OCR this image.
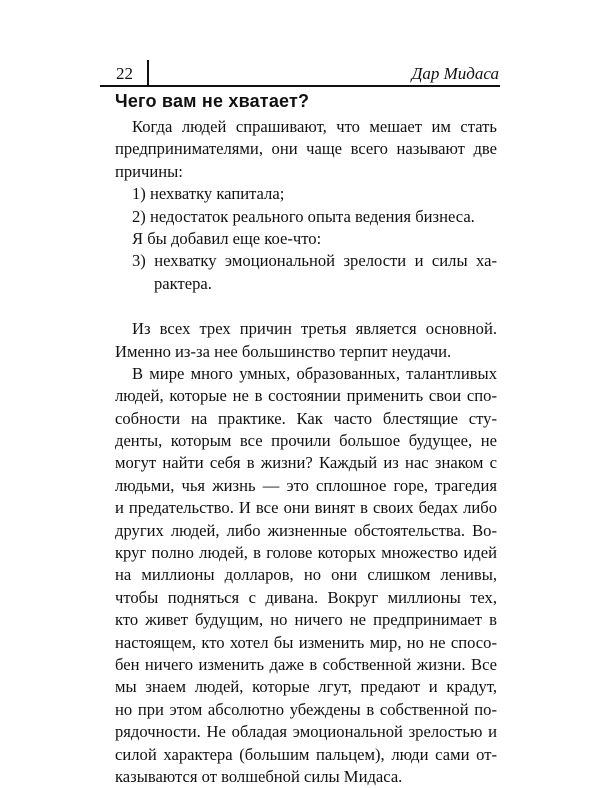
22	Дар Мидаса
Чего вам не хватает?
Когда людей спрашивают, что мешает им стать
предпринимателями, они чаще всего называют две
причины:
1) нехватку капитала;
2) недостаток реального опыта ведения бизнеса.
Я бы добавил еще кое-что:
3) нехватку эмоциональной зрелости и силы ха-
рактера.
Из всех трех причин третья является основной.
Именно из-за нее большинство терпит неудачи.
В мире много умных, образованных, талантливых
людей, которые не в состоянии применить свои спо-
собности на практике. Как часто блестящие сту-
денты, которым все прочили большое будущее, не
могут найти себя в жизни? Каждый из нас знаком с
людьми, чья жизнь — это сплошное горе, трагедия
и предательство. И все они винят в своих бедах либо
других людей, либо жизненные обстоятельства. Во-
круг полно людей, в голове которых множество идей
на миллионы долларов, но они слишком ленивы,
чтобы подняться с дивана. Вокруг миллионы тех,
кто живет будущим, но ничего не предпринимает в
настоящем, кто хотел бы изменить мир, но не спосо-
бен ничего изменить даже в собственной жизни. Все
мы знаем людей, которые лгут, предают и крадут,
но при этом абсолютно убеждены в собственной по-
рядочности. Не обладая эмоциональной зрелостью и
силой характера (большим пальцем), люди сами от-
казываются от волшебной силы Мидаса.
